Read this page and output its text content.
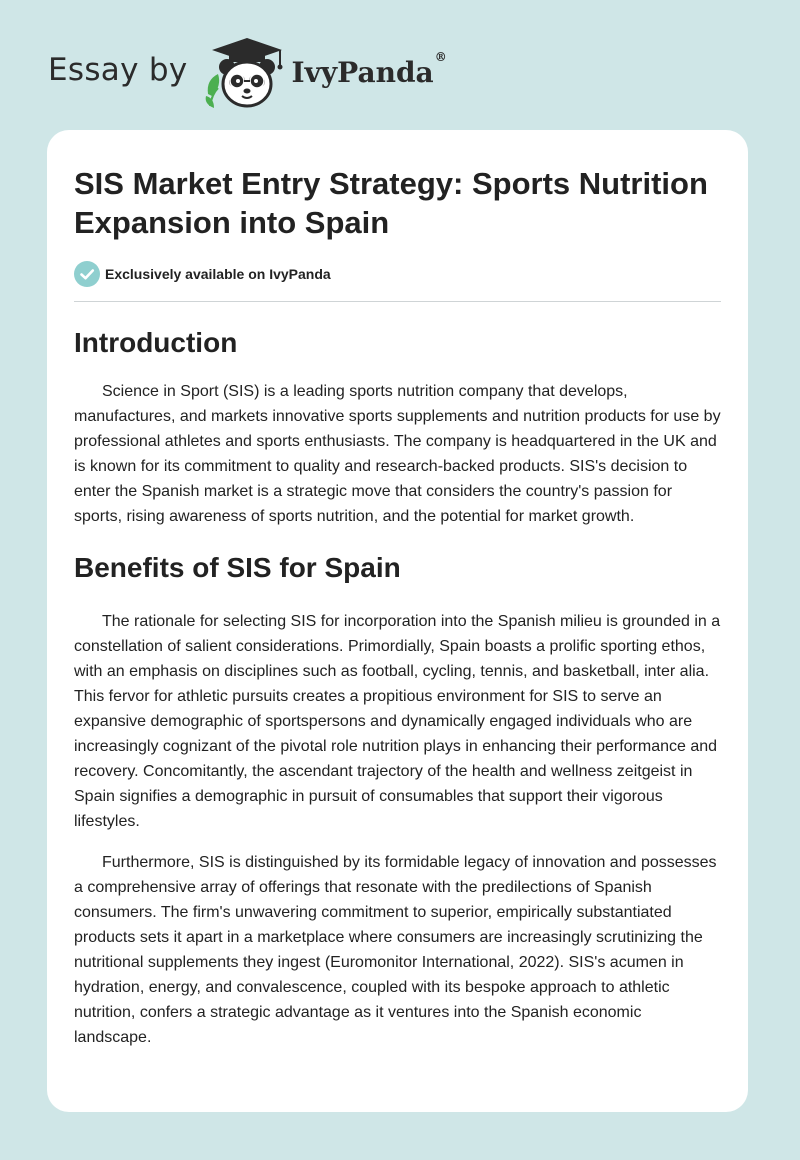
Essay by	IvyPanda®
SIS Market Entry Strategy: Sports Nutrition Expansion into Spain
Exclusively available on IvyPanda
Introduction

Science in Sport (SIS) is a leading sports nutrition company that develops, manufactures, and markets innovative sports supplements and nutrition products for use by professional athletes and sports enthusiasts. The company is headquartered in the UK and is known for its commitment to quality and research-backed products. SIS's decision to enter the Spanish market is a strategic move that considers the country's passion for sports, rising awareness of sports nutrition, and the potential for market growth.

Benefits of SIS for Spain

The rationale for selecting SIS for incorporation into the Spanish milieu is grounded in a constellation of salient considerations. Primordially, Spain boasts a prolific sporting ethos, with an emphasis on disciplines such as football, cycling, tennis, and basketball, inter alia. This fervor for athletic pursuits creates a propitious environment for SIS to serve an expansive demographic of sportspersons and dynamically engaged individuals who are increasingly cognizant of the pivotal role nutrition plays in enhancing their performance and recovery. Concomitantly, the ascendant trajectory of the health and wellness zeitgeist in Spain signifies a demographic in pursuit of consumables that support their vigorous lifestyles.

Furthermore, SIS is distinguished by its formidable legacy of innovation and possesses a comprehensive array of offerings that resonate with the predilections of Spanish consumers. The firm's unwavering commitment to superior, empirically substantiated products sets it apart in a marketplace where consumers are increasingly scrutinizing the nutritional supplements they ingest (Euromonitor International, 2022). SIS's acumen in hydration, energy, and convalescence, coupled with its bespoke approach to athletic nutrition, confers a strategic advantage as it ventures into the Spanish economic landscape.
